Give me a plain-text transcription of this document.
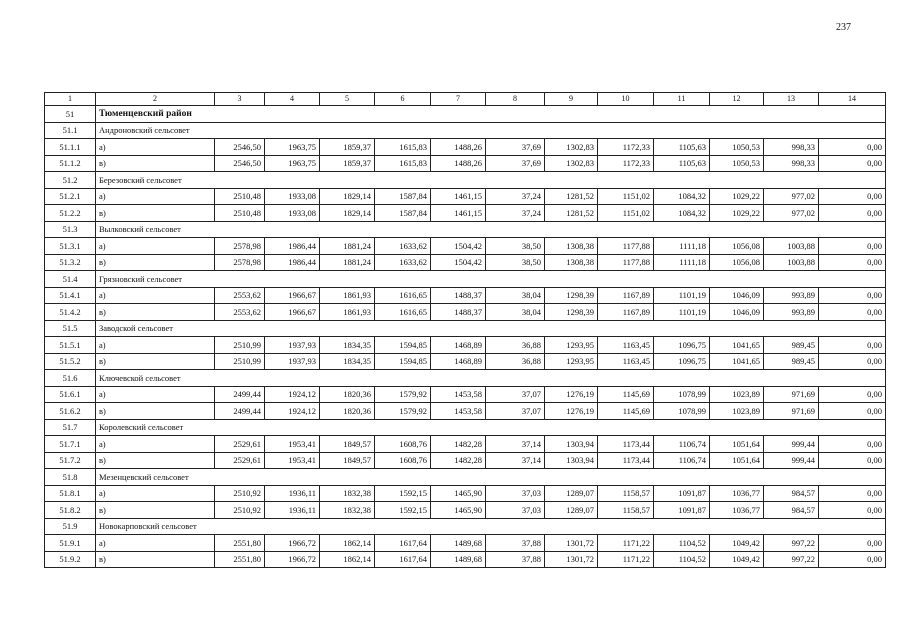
237
1	2	3	4	5	6	7	8	9	10	11	12	13	14
51	Тюменцевский район												
51.1	Андроновский сельсовет												
51.1.1	а)	2546,50	1963,75	1859,37	1615,83	1488,26	37,69	1302,83	1172,33	1105,63	1050,53	998,33	0,00
51.1.2	в)	2546,50	1963,75	1859,37	1615,83	1488,26	37,69	1302,83	1172,33	1105,63	1050,53	998,33	0,00
51.2	Березовский сельсовет												
51.2.1	а)	2510,48	1933,08	1829,14	1587,84	1461,15	37,24	1281,52	1151,02	1084,32	1029,22	977,02	0,00
51.2.2	в)	2510,48	1933,08	1829,14	1587,84	1461,15	37,24	1281,52	1151,02	1084,32	1029,22	977,02	0,00
51.3	Вылковский сельсовет												
51.3.1	а)	2578,98	1986,44	1881,24	1633,62	1504,42	38,50	1308,38	1177,88	1111,18	1056,08	1003,88	0,00
51.3.2	в)	2578,98	1986,44	1881,24	1633,62	1504,42	38,50	1308,38	1177,88	1111,18	1056,08	1003,88	0,00
51.4	Грязновский сельсовет												
51.4.1	а)	2553,62	1966,67	1861,93	1616,65	1488,37	38,04	1298,39	1167,89	1101,19	1046,09	993,89	0,00
51.4.2	в)	2553,62	1966,67	1861,93	1616,65	1488,37	38,04	1298,39	1167,89	1101,19	1046,09	993,89	0,00
51.5	Заводской сельсовет												
51.5.1	а)	2510,99	1937,93	1834,35	1594,85	1468,89	36,88	1293,95	1163,45	1096,75	1041,65	989,45	0,00
51.5.2	в)	2510,99	1937,93	1834,35	1594,85	1468,89	36,88	1293,95	1163,45	1096,75	1041,65	989,45	0,00
51.6	Ключевской сельсовет												
51.6.1	а)	2499,44	1924,12	1820,36	1579,92	1453,58	37,07	1276,19	1145,69	1078,99	1023,89	971,69	0,00
51.6.2	в)	2499,44	1924,12	1820,36	1579,92	1453,58	37,07	1276,19	1145,69	1078,99	1023,89	971,69	0,00
51.7	Королевский сельсовет												
51.7.1	а)	2529,61	1953,41	1849,57	1608,76	1482,28	37,14	1303,94	1173,44	1106,74	1051,64	999,44	0,00
51.7.2	в)	2529,61	1953,41	1849,57	1608,76	1482,28	37,14	1303,94	1173,44	1106,74	1051,64	999,44	0,00
51.8	Мезенцевский сельсовет												
51.8.1	а)	2510,92	1936,11	1832,38	1592,15	1465,90	37,03	1289,07	1158,57	1091,87	1036,77	984,57	0,00
51.8.2	в)	2510,92	1936,11	1832,38	1592,15	1465,90	37,03	1289,07	1158,57	1091,87	1036,77	984,57	0,00
51.9	Новокарповский сельсовет												
51.9.1	а)	2551,80	1966,72	1862,14	1617,64	1489,68	37,88	1301,72	1171,22	1104,52	1049,42	997,22	0,00
51.9.2	в)	2551,80	1966,72	1862,14	1617,64	1489,68	37,88	1301,72	1171,22	1104,52	1049,42	997,22	0,00
